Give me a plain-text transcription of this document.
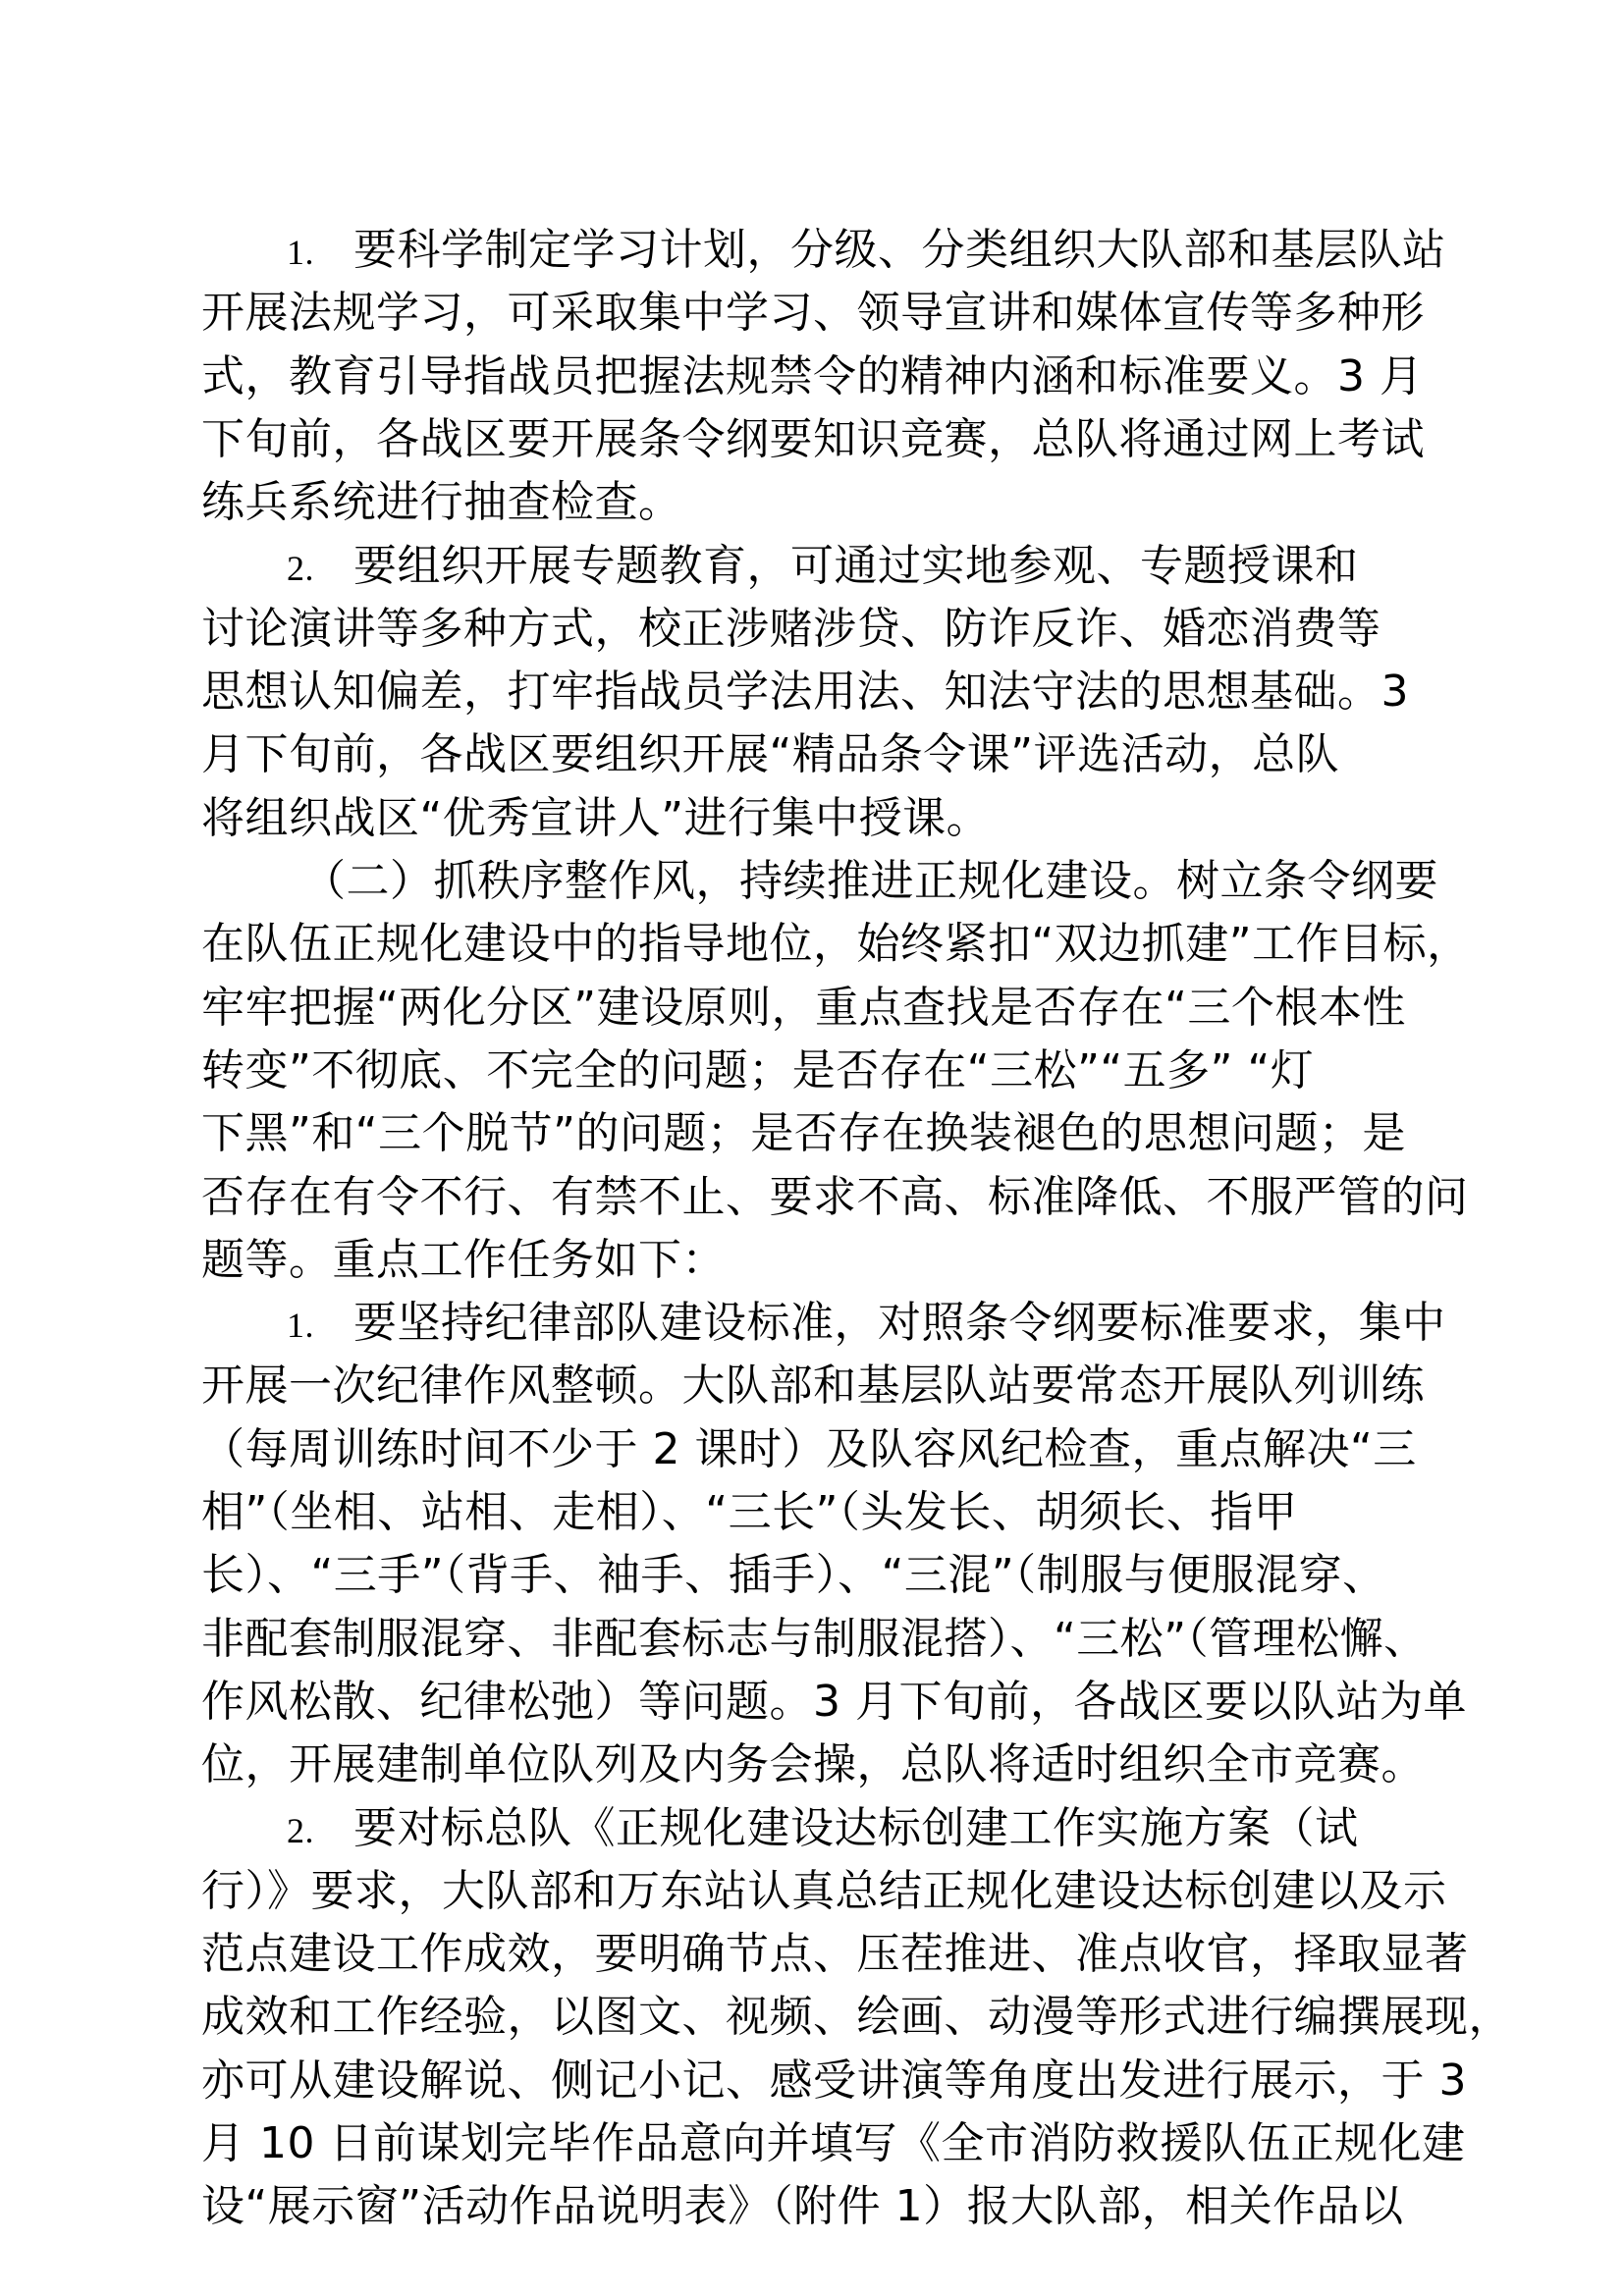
1. 要科学制定学习计划，分级、分类组织大队部和基层队站
开展法规学习，可采取集中学习、领导宣讲和媒体宣传等多种形
式，教育引导指战员把握法规禁令的精神内涵和标准要义。3 月
下旬前，各战区要开展条令纲要知识竞赛，总队将通过网上考试
练兵系统进行抽查检查。
2. 要组织开展专题教育，可通过实地参观、专题授课和
讨论演讲等多种方式，校正涉赌涉贷、防诈反诈、婚恋消费等
思想认知偏差，打牢指战员学法用法、知法守法的思想基础。3
月下旬前，各战区要组织开展“精品条令课”评选活动，总队
将组织战区“优秀宣讲人”进行集中授课。
（二）抓秩序整作风，持续推进正规化建设。树立条令纲要
在队伍正规化建设中的指导地位，始终紧扣“双边抓建”工作目标，
牢牢把握“两化分区”建设原则，重点查找是否存在“三个根本性
转变”不彻底、不完全的问题；是否存在“三松”“五多” “灯
下黑”和“三个脱节”的问题；是否存在换装褪色的思想问题；是
否存在有令不行、有禁不止、要求不高、标准降低、不服严管的问
题等。重点工作任务如下：
1. 要坚持纪律部队建设标准，对照条令纲要标准要求，集中
开展一次纪律作风整顿。大队部和基层队站要常态开展队列训练
（每周训练时间不少于 2 课时）及队容风纪检查，重点解决“三
相”（坐相、站相、走相）、“三长”（头发长、胡须长、指甲
长）、“三手”（背手、袖手、插手）、“三混”（制服与便服混穿、
非配套制服混穿、非配套标志与制服混搭）、“三松”（管理松懈、
作风松散、纪律松弛）等问题。3 月下旬前，各战区要以队站为单
位，开展建制单位队列及内务会操，总队将适时组织全市竞赛。
2. 要对标总队《正规化建设达标创建工作实施方案（试
行）》要求，大队部和万东站认真总结正规化建设达标创建以及示
范点建设工作成效，要明确节点、压茬推进、准点收官，择取显著
成效和工作经验，以图文、视频、绘画、动漫等形式进行编撰展现，
亦可从建设解说、侧记小记、感受讲演等角度出发进行展示，于 3
月 10 日前谋划完毕作品意向并填写《全市消防救援队伍正规化建
设“展示窗”活动作品说明表》（附件 1）报大队部，相关作品以
